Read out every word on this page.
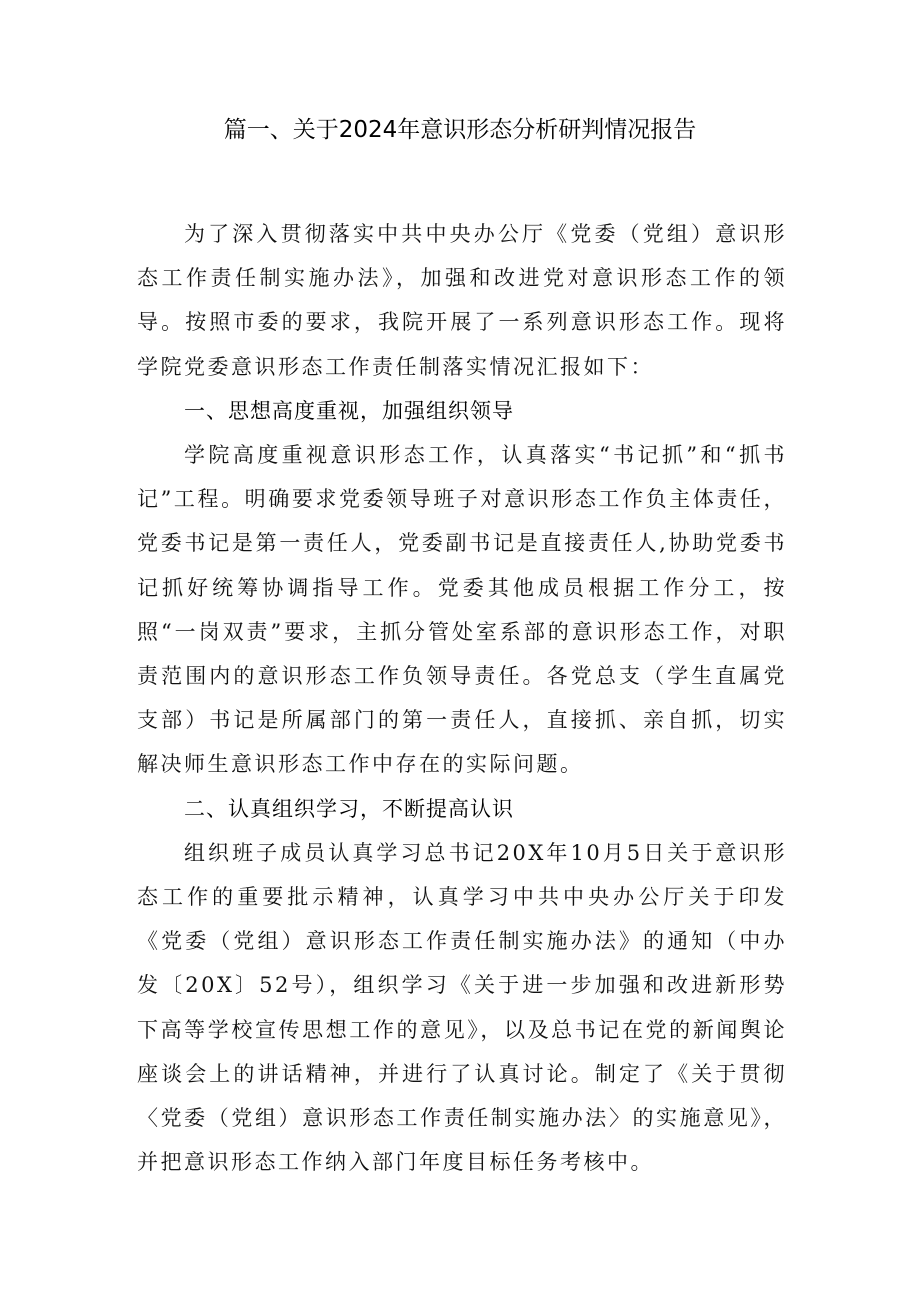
篇一、关于2024年意识形态分析研判情况报告

为了深入贯彻落实中共中央办公厅《党委（党组）意识形态工作责任制实施办法》，加强和改进党对意识形态工作的领导。按照市委的要求，我院开展了一系列意识形态工作。现将学院党委意识形态工作责任制落实情况汇报如下：

一、思想高度重视，加强组织领导

学院高度重视意识形态工作，认真落实“书记抓”和“抓书记”工程。明确要求党委领导班子对意识形态工作负主体责任，党委书记是第一责任人，党委副书记是直接责任人,协助党委书记抓好统筹协调指导工作。党委其他成员根据工作分工，按照“一岗双责”要求，主抓分管处室系部的意识形态工作，对职责范围内的意识形态工作负领导责任。各党总支（学生直属党支部）书记是所属部门的第一责任人，直接抓、亲自抓，切实解决师生意识形态工作中存在的实际问题。

二、认真组织学习，不断提高认识

组织班子成员认真学习总书记20X年10月5日关于意识形态工作的重要批示精神，认真学习中共中央办公厅关于印发《党委（党组）意识形态工作责任制实施办法》的通知（中办发〔20X〕52号），组织学习《关于进一步加强和改进新形势下高等学校宣传思想工作的意见》，以及总书记在党的新闻舆论座谈会上的讲话精神，并进行了认真讨论。制定了《关于贯彻〈党委（党组）意识形态工作责任制实施办法〉的实施意见》，并把意识形态工作纳入部门年度目标任务考核中。
